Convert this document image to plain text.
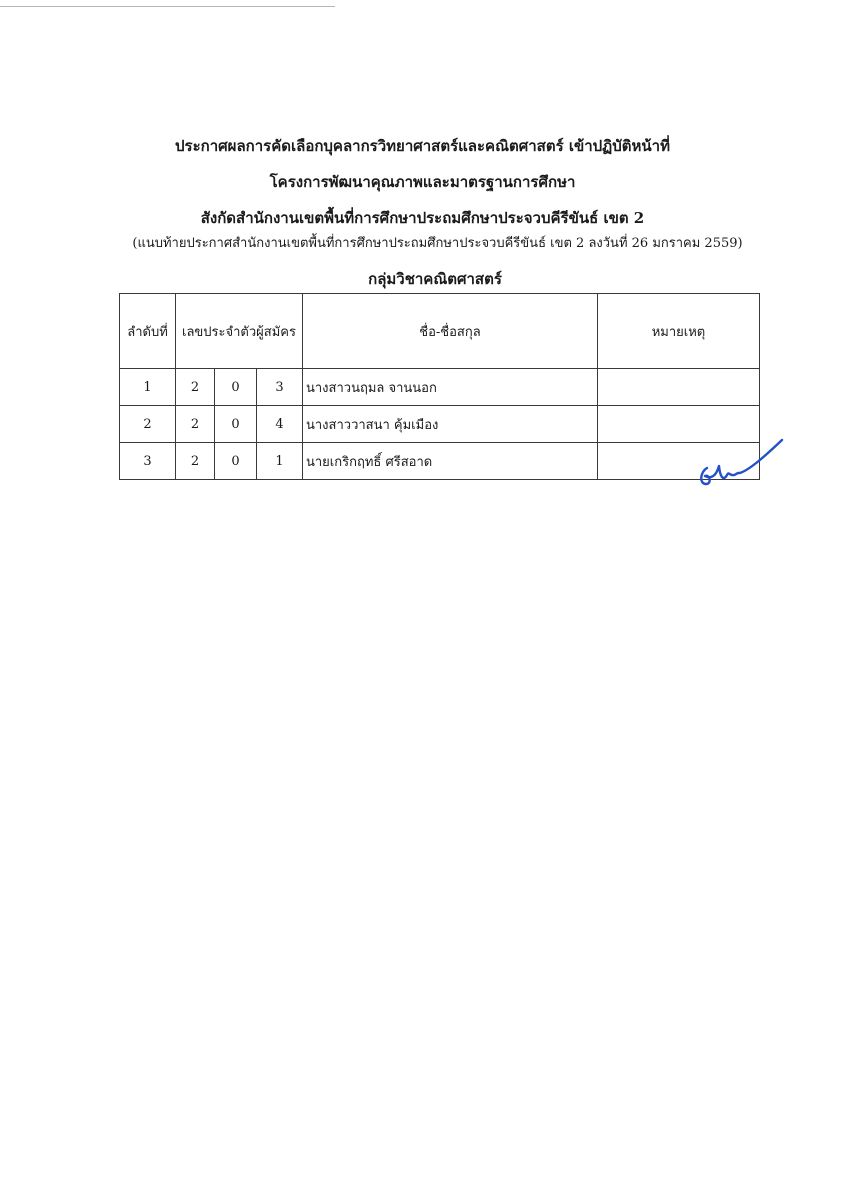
ประกาศผลการคัดเลือกบุคลากรวิทยาศาสตร์และคณิตศาสตร์ เข้าปฏิบัติหน้าที่
โครงการพัฒนาคุณภาพและมาตรฐานการศึกษา
สังกัดสำนักงานเขตพื้นที่การศึกษาประถมศึกษาประจวบคีรีขันธ์ เขต 2
(แนบท้ายประกาศสำนักงานเขตพื้นที่การศึกษาประถมศึกษาประจวบคีรีขันธ์ เขต 2 ลงวันที่ 26 มกราคม 2559)
กลุ่มวิชาคณิตศาสตร์
ลำดับที่	เลขประจำตัวผู้สมัคร			ชื่อ-ชื่อสกุล	หมายเหตุ
1	2	0	3	นางสาวนฤมล จานนอก	
2	2	0	4	นางสาววาสนา คุ้มเมือง	
3	2	0	1	นายเกริกฤทธิ์ ศรีสอาด	
